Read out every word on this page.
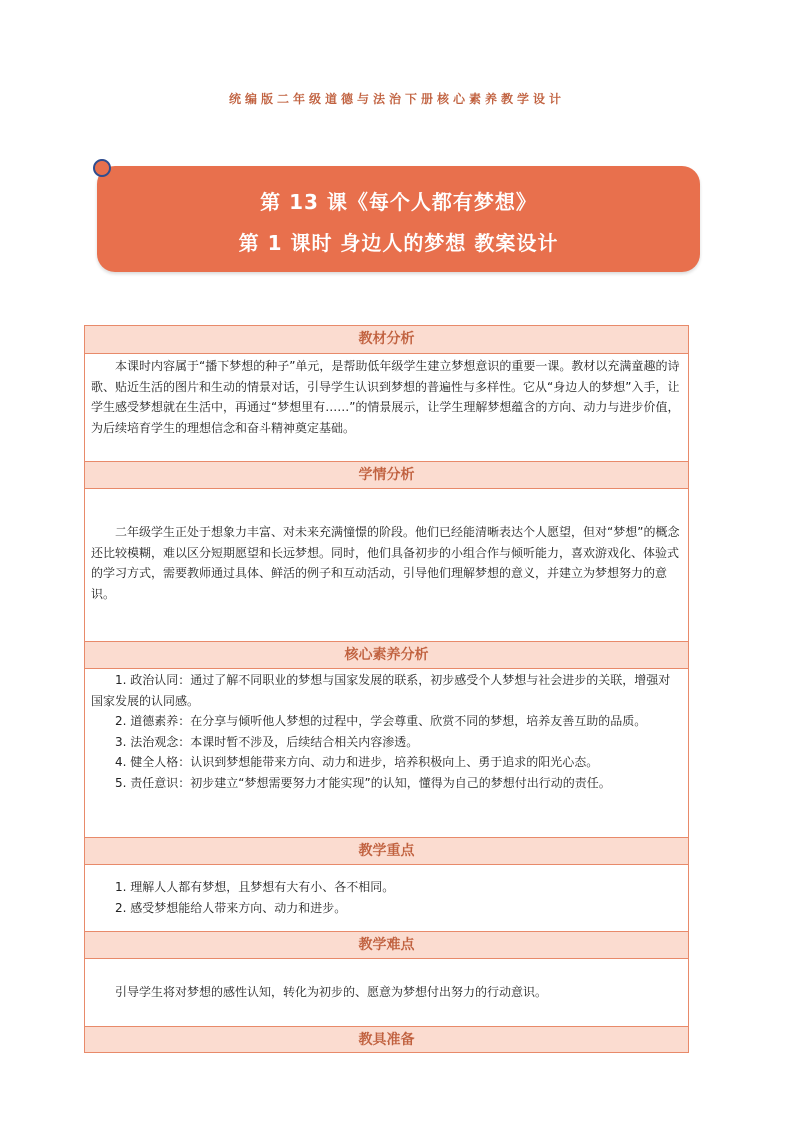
统编版二年级道德与法治下册核心素养教学设计
第 13 课《每个人都有梦想》
第 1 课时 身边人的梦想 教案设计
教材分析

本课时内容属于“播下梦想的种子”单元，是帮助低年级学生建立梦想意识的重要一课。教材以充满童趣的诗歌、贴近生活的图片和生动的情景对话，引导学生认识到梦想的普遍性与多样性。它从“身边人的梦想”入手，让学生感受梦想就在生活中，再通过“梦想里有……”的情景展示，让学生理解梦想蕴含的方向、动力与进步价值，为后续培育学生的理想信念和奋斗精神奠定基础。

学情分析

二年级学生正处于想象力丰富、对未来充满憧憬的阶段。他们已经能清晰表达个人愿望，但对“梦想”的概念还比较模糊，难以区分短期愿望和长远梦想。同时，他们具备初步的小组合作与倾听能力，喜欢游戏化、体验式的学习方式，需要教师通过具体、鲜活的例子和互动活动，引导他们理解梦想的意义，并建立为梦想努力的意识。

核心素养分析

1. 政治认同：通过了解不同职业的梦想与国家发展的联系，初步感受个人梦想与社会进步的关联，增强对国家发展的认同感。

2. 道德素养：在分享与倾听他人梦想的过程中，学会尊重、欣赏不同的梦想，培养友善互助的品质。

3. 法治观念：本课时暂不涉及，后续结合相关内容渗透。

4. 健全人格：认识到梦想能带来方向、动力和进步，培养积极向上、勇于追求的阳光心态。

5. 责任意识：初步建立“梦想需要努力才能实现”的认知，懂得为自己的梦想付出行动的责任。

教学重点

1. 理解人人都有梦想，且梦想有大有小、各不相同。

2. 感受梦想能给人带来方向、动力和进步。

教学难点

引导学生将对梦想的感性认知，转化为初步的、愿意为梦想付出努力的行动意识。

教具准备
